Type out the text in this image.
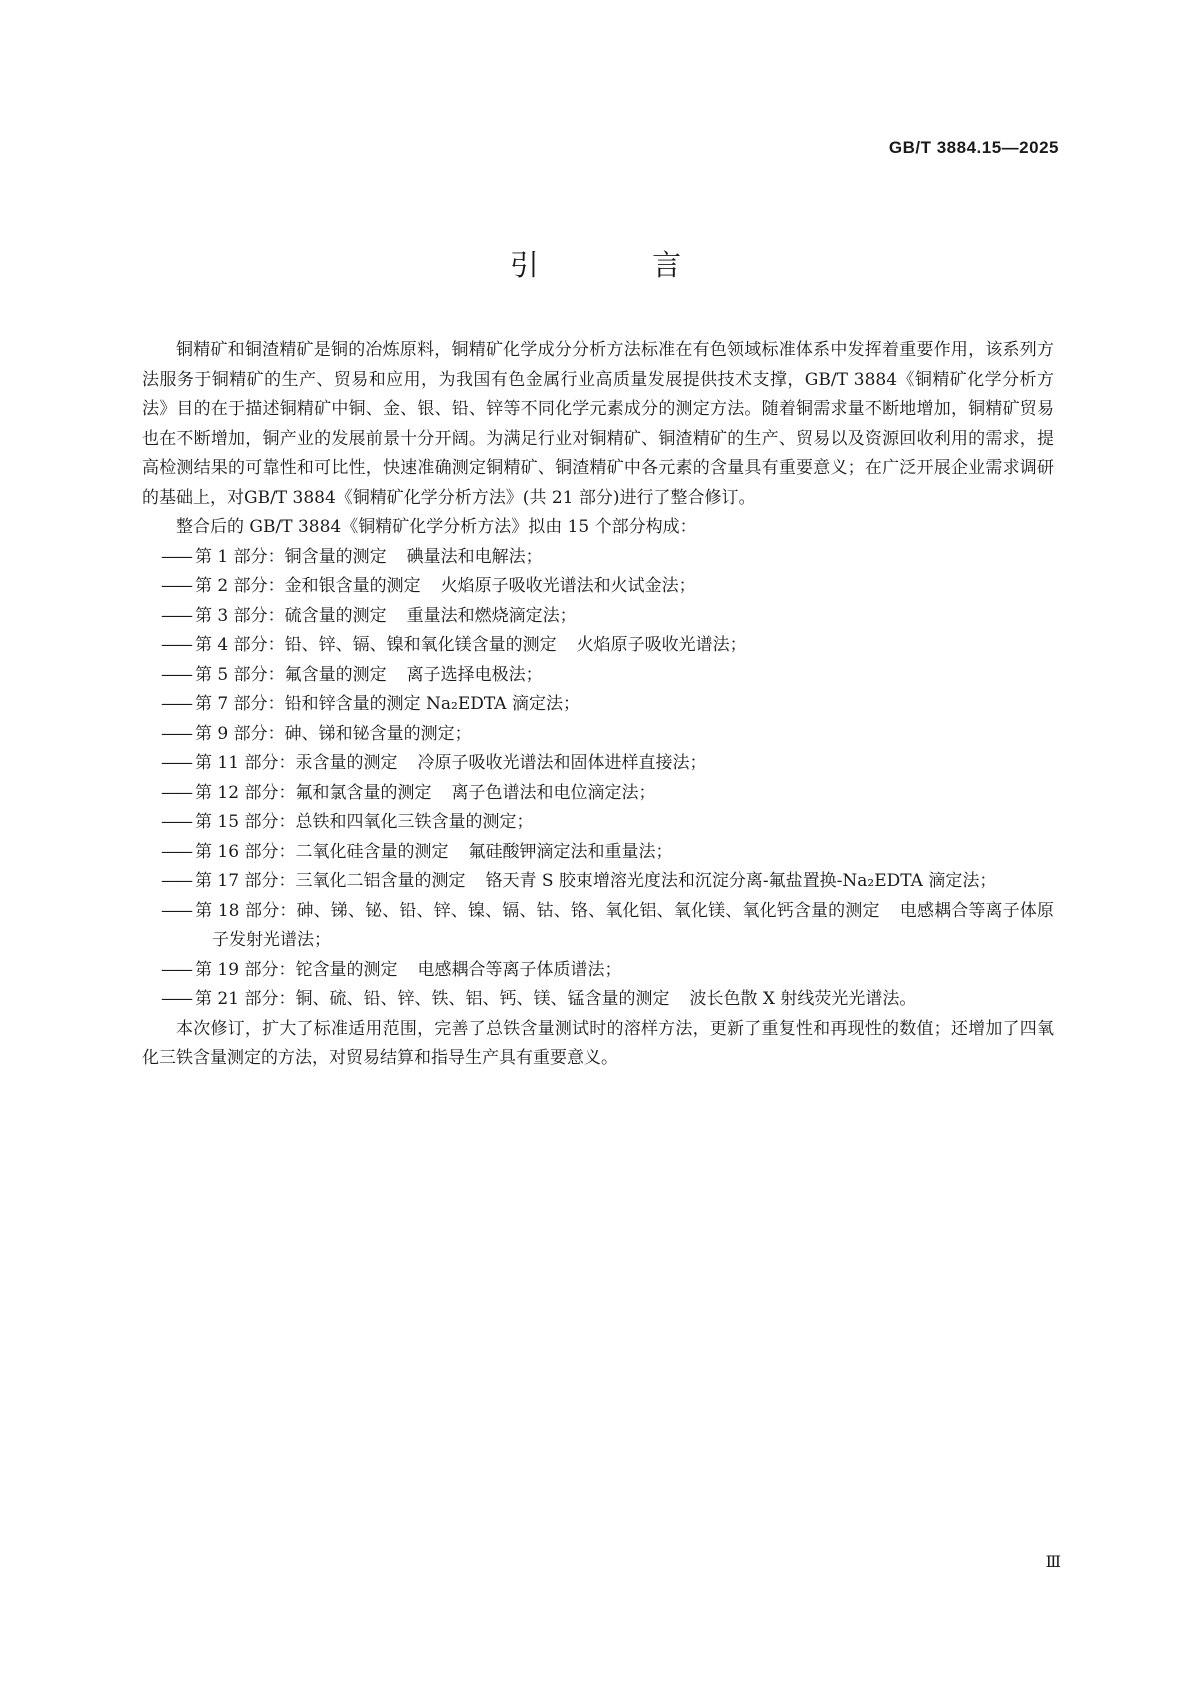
GB/T 3884.15—2025
引 言

铜精矿和铜渣精矿是铜的冶炼原料，铜精矿化学成分分析方法标准在有色领域标准体系中发挥着重要作用，该系列方法服务于铜精矿的生产、贸易和应用，为我国有色金属行业高质量发展提供技术支撑，GB/T 3884《铜精矿化学分析方法》目的在于描述铜精矿中铜、金、银、铅、锌等不同化学元素成分的测定方法。随着铜需求量不断地增加，铜精矿贸易也在不断增加，铜产业的发展前景十分开阔。为满足行业对铜精矿、铜渣精矿的生产、贸易以及资源回收利用的需求，提高检测结果的可靠性和可比性，快速准确测定铜精矿、铜渣精矿中各元素的含量具有重要意义；在广泛开展企业需求调研的基础上，对GB/T 3884《铜精矿化学分析方法》(共 21 部分)进行了整合修订。

整合后的 GB/T 3884《铜精矿化学分析方法》拟由 15 个部分构成：

—— 第 1 部分：铜含量的测定 碘量法和电解法；
—— 第 2 部分：金和银含量的测定 火焰原子吸收光谱法和火试金法；
—— 第 3 部分：硫含量的测定 重量法和燃烧滴定法；
—— 第 4 部分：铅、锌、镉、镍和氧化镁含量的测定 火焰原子吸收光谱法；
—— 第 5 部分：氟含量的测定 离子选择电极法；
—— 第 7 部分：铅和锌含量的测定 Na₂EDTA 滴定法；
—— 第 9 部分：砷、锑和铋含量的测定；
—— 第 11 部分：汞含量的测定 冷原子吸收光谱法和固体进样直接法；
—— 第 12 部分：氟和氯含量的测定 离子色谱法和电位滴定法；
—— 第 15 部分：总铁和四氧化三铁含量的测定；
—— 第 16 部分：二氧化硅含量的测定 氟硅酸钾滴定法和重量法；
—— 第 17 部分：三氧化二铝含量的测定 铬天青 S 胶束增溶光度法和沉淀分离-氟盐置换-Na₂EDTA 滴定法；
—— 第 18 部分：砷、锑、铋、铅、锌、镍、镉、钴、铬、氧化铝、氧化镁、氧化钙含量的测定 电感耦合等离子体原子发射光谱法；
—— 第 19 部分：铊含量的测定 电感耦合等离子体质谱法；
—— 第 21 部分：铜、硫、铅、锌、铁、铝、钙、镁、锰含量的测定 波长色散 X 射线荧光光谱法。

本次修订，扩大了标准适用范围，完善了总铁含量测试时的溶样方法，更新了重复性和再现性的数值；还增加了四氧化三铁含量测定的方法，对贸易结算和指导生产具有重要意义。

Ⅲ
